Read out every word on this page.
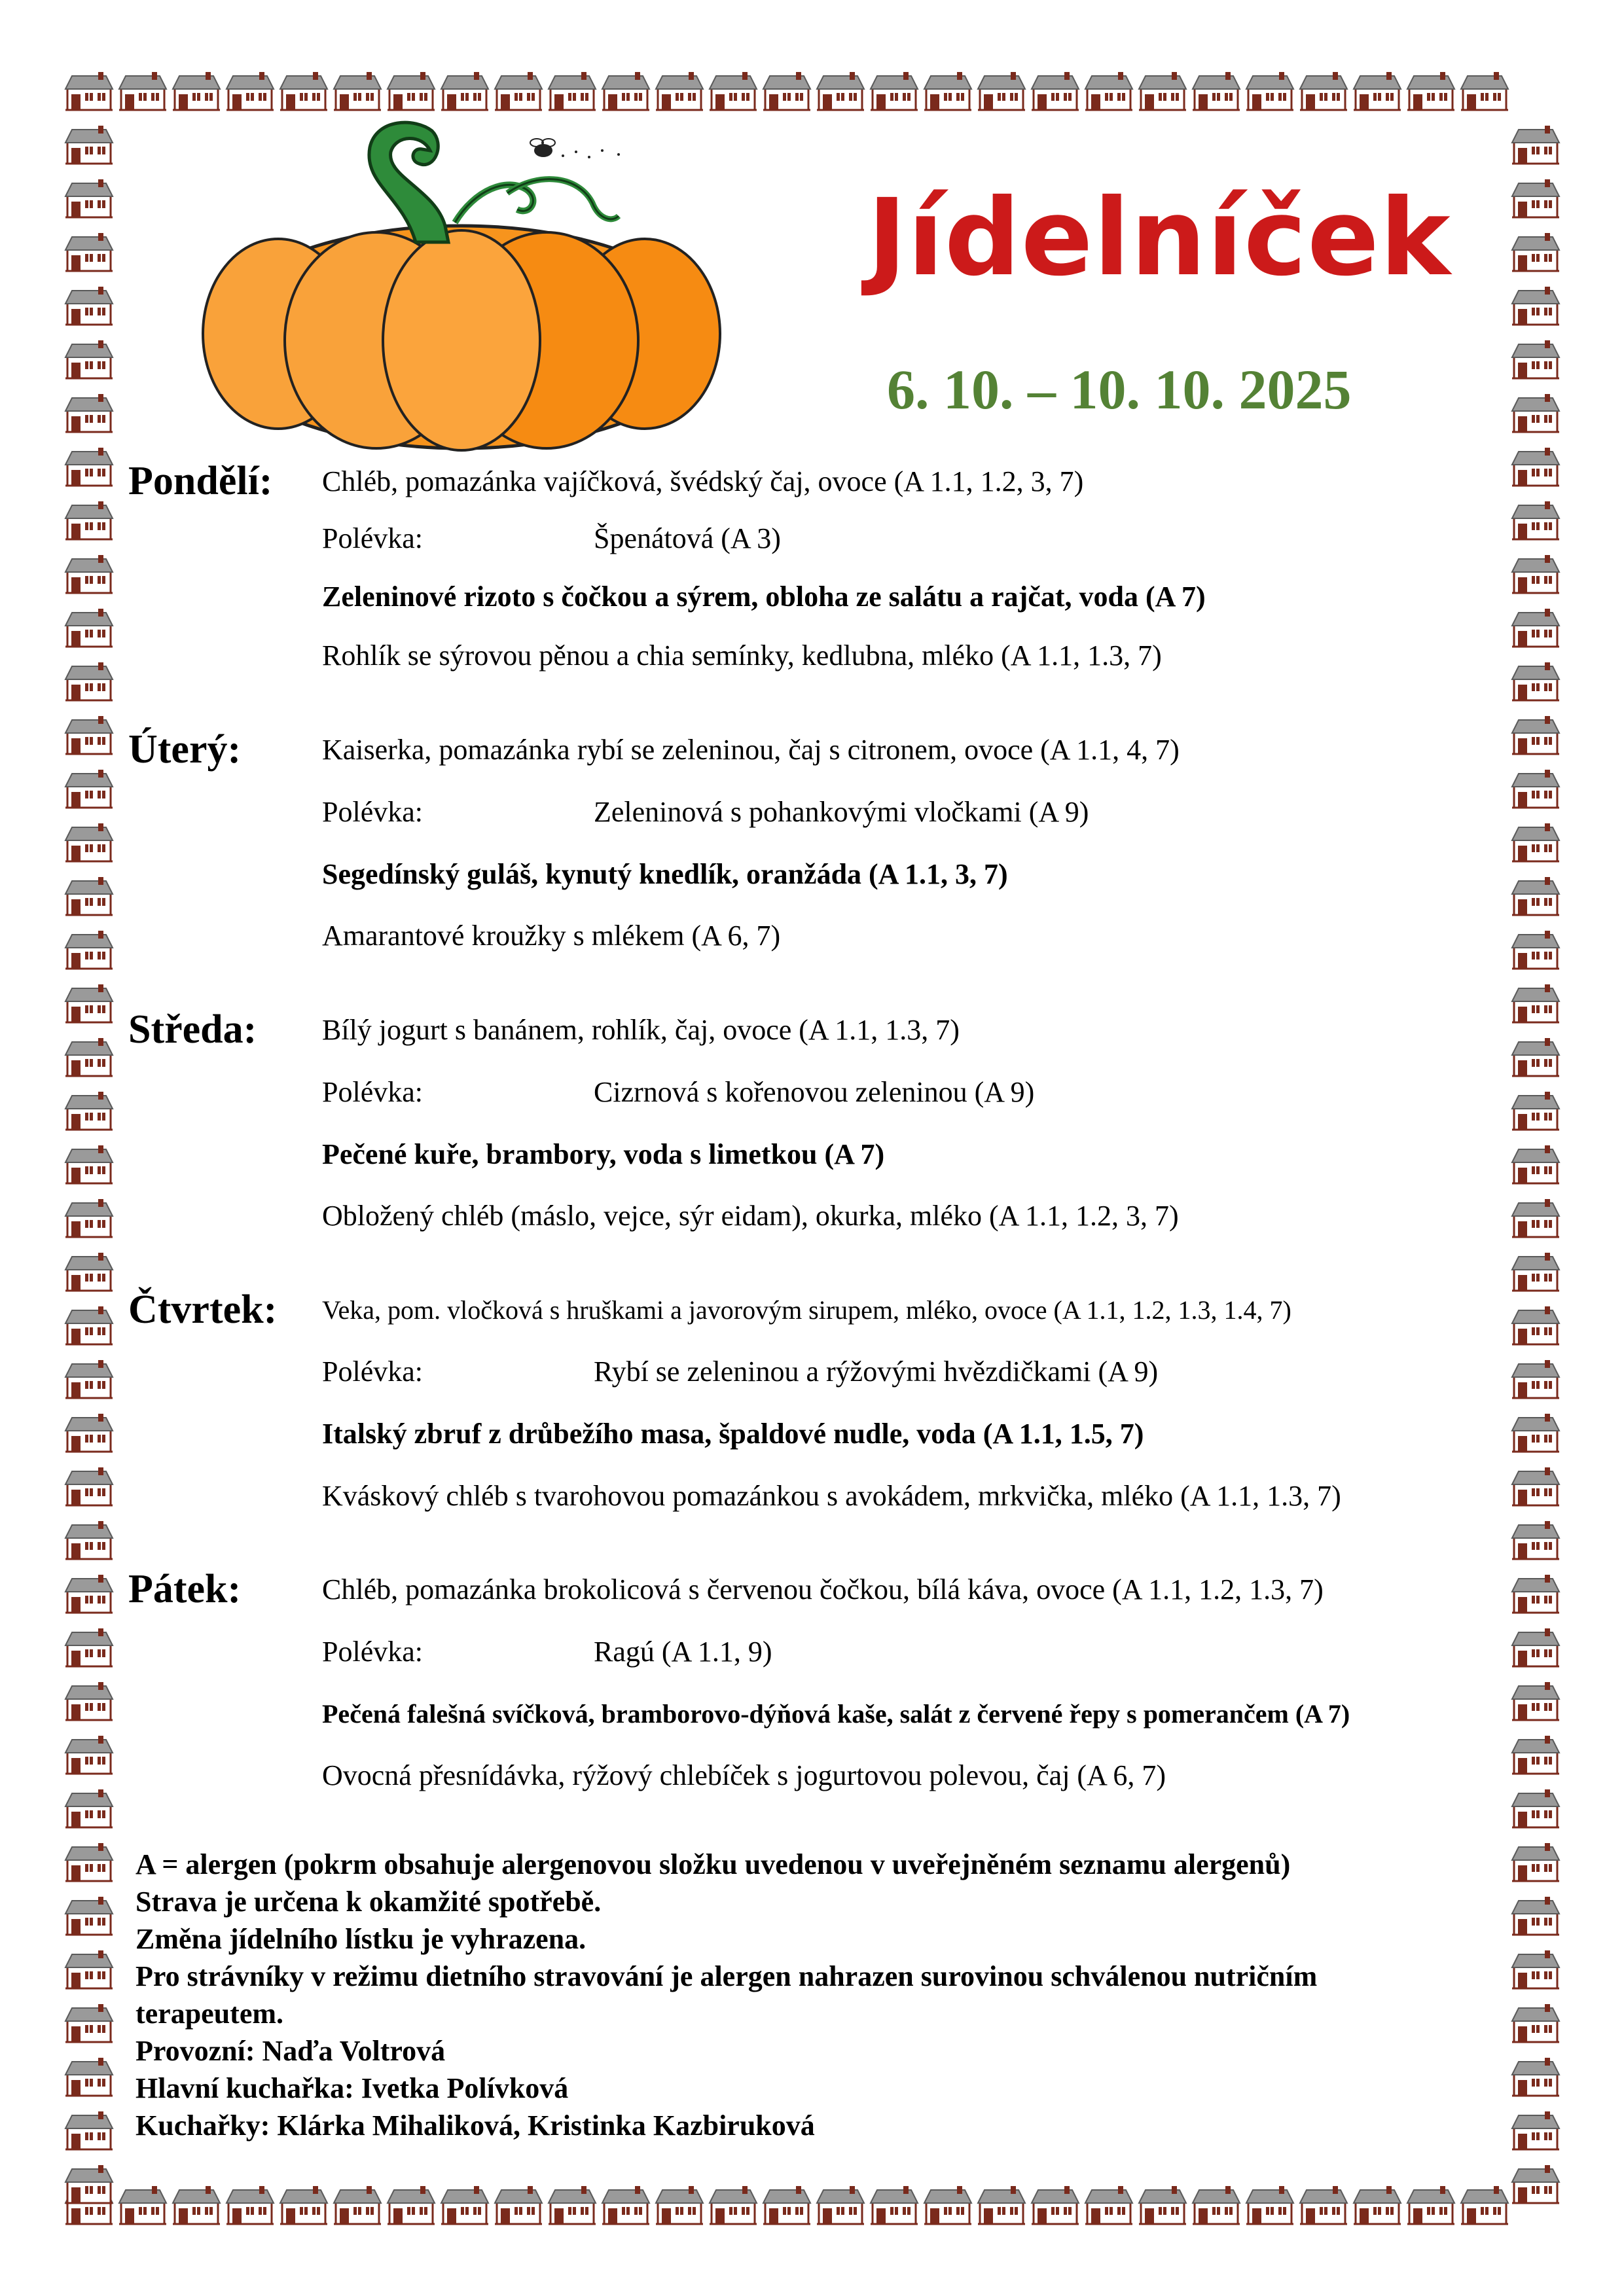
Jídelníček
6. 10. – 10. 10. 2025
Pondělí: Chléb, pomazánka vajíčková, švédský čaj, ovoce (A 1.1, 1.2, 3, 7)
Polévka:	Špenátová (A 3)
Zeleninové rizoto s čočkou a sýrem, obloha ze salátu a rajčat, voda (A 7)
Rohlík se sýrovou pěnou a chia semínky, kedlubna, mléko (A 1.1, 1.3, 7)
Úterý:	Kaiserka, pomazánka rybí se zeleninou, čaj s citronem, ovoce (A 1.1, 4, 7)
Polévka:	Zeleninová s pohankovými vločkami (A 9)
Segedínský guláš, kynutý knedlík, oranžáda (A 1.1, 3, 7)
Amarantové kroužky s mlékem (A 6, 7)
Středa: Bílý jogurt s banánem, rohlík, čaj, ovoce (A 1.1, 1.3, 7)
Polévka:	Cizrnová s kořenovou zeleninou (A 9)
Pečené kuře, brambory, voda s limetkou (A 7)
Obložený chléb (máslo, vejce, sýr eidam), okurka, mléko (A 1.1, 1.2, 3, 7)
Čtvrtek: Veka, pom. vločková s hruškami a javorovým sirupem, mléko, ovoce (A 1.1, 1.2, 1.3, 1.4, 7)
Polévka:	Rybí se zeleninou a rýžovými hvězdičkami (A 9)
Italský zbruf z drůbežího masa, špaldové nudle, voda (A 1.1, 1.5, 7)
Kváskový chléb s tvarohovou pomazánkou s avokádem, mrkvička, mléko (A 1.1, 1.3, 7)
Pátek:	Chléb, pomazánka brokolicová s červenou čočkou, bílá káva, ovoce (A 1.1, 1.2, 1.3, 7)
Polévka:	Ragú (A 1.1, 9)
Pečená falešná svíčková, bramborovo-dýňová kaše, salát z červené řepy s pomerančem (A 7)
Ovocná přesnídávka, rýžový chlebíček s jogurtovou polevou, čaj (A 6, 7)
A = alergen (pokrm obsahuje alergenovou složku uvedenou v uveřejněném seznamu alergenů)
Strava je určena k okamžité spotřebě.
Změna jídelního lístku je vyhrazena.
Pro strávníky v režimu dietního stravování je alergen nahrazen surovinou schválenou nutričním
terapeutem.
Provozní: Naďa Voltrová
Hlavní kuchařka: Ivetka Polívková
Kuchařky: Klárka Mihaliková, Kristinka Kazbiruková
